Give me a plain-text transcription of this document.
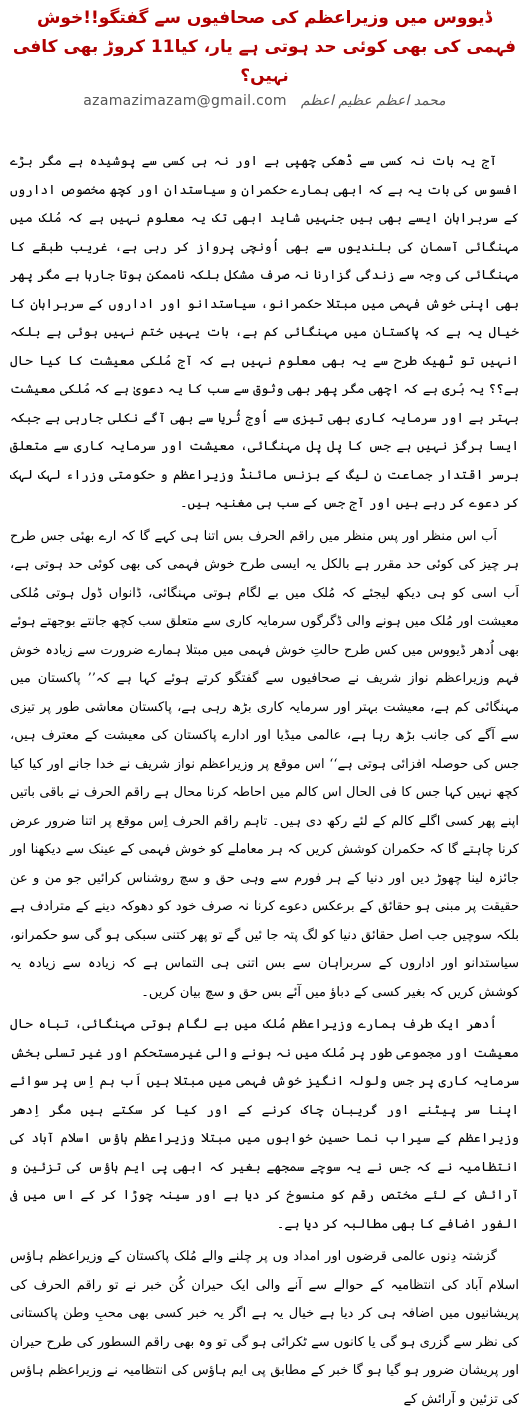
ڈیووس میں وزیراعظم کی صحافیوں سے گفتگو!!خوش فہمی کی بھی کوئی حد ہوتی ہے یار، کیا11 کروڑ بھی کافی نہیں؟
azamazimazam@gmail.com محمد اعظم عظیم اعظم

آج یہ بات نہ کسی سے ڈھکی چھپی ہے اور نہ ہی کسی سے پوشیدہ ہے مگر بڑے افسوس کی بات یہ ہے کہ ابھی ہمارے حکمران و سیاستدان اور کچھ مخصوص اداروں کے سربراہان ایسے بھی ہیں جنہیں شاید ابھی تک یہ معلوم نہیں ہے کہ مُلک میں مہنگائی آسمان کی بلندیوں سے بھی اُونچی پرواز کر رہی ہے، غریب طبقے کا مہنگائی کی وجہ سے زندگی گزارنا نہ صرف مشکل بلکہ ناممکن ہوتا جارہا ہے مگر پھر بھی اپنی خوش فہمی میں مبتلا حکمرانو، سیاستدانو اور اداروں کے سربراہان کا خیال یہ ہے کہ پاکستان میں مہنگائی کم ہے، بات یہیں ختم نہیں ہوئی ہے بلکہ انہیں تو ٹھیک طرح سے یہ بھی معلوم نہیں ہے کہ آج مُلکی معیشت کا کیا حال ہے؟؟ یہ بُری ہے کہ اچھی مگر پھر بھی وثوق سے سب کا یہ دعویٰ ہے کہ مُلکی معیشت بہتر ہے اور سرمایہ کاری بھی تیزی سے اُوج ثُریا سے بھی آگے نکلی جارہی ہے جبکہ ایسا ہرگز نہیں ہے جس کا پل پل مہنگائی، معیشت اور سرمایہ کاری سے متعلق برسر اقتدار جماعت ن لیگ کے بزنس مائنڈ وزیراعظم و حکومتی وزراء لہک لہک کر دعوے کر رہے ہیں اور آج جس کے سب ہی مغنیہ ہیں۔

اَب اس منظر اور پس منظر میں راقم الحرف بس اتنا ہی کہے گا کہ ارے بھئی جس طرح ہر چیز کی کوئی حد مقرر ہے بالکل یہ ایسی طرح خوش فہمی کی بھی کوئی حد ہوتی ہے، اَب اسی کو ہی دیکھ لیجئے کہ مُلک میں بے لگام ہوتی مہنگائی، ڈانواں ڈول ہوتی مُلکی معیشت اور مُلک میں ہونے والی ڈگرگوں سرمایہ کاری سے متعلق سب کچھ جانتے بوجھتے ہوئے بھی اُدھر ڈیووس میں کس طرح حالتِ خوش فہمی میں مبتلا ہمارے ضرورت سے زیادہ خوش فہم وزیراعظم نواز شریف نے صحافیوں سے گفتگو کرتے ہوئے کہا ہے کہ’’ پاکستان میں مہنگائی کم ہے، معیشت بہتر اور سرمایہ کاری بڑھ رہی ہے، پاکستان معاشی طور پر تیزی سے آگے کی جانب بڑھ رہا ہے، عالمی میڈیا اور ادارے پاکستان کی معیشت کے معترف ہیں، جس کی حوصلہ افزائی ہوتی ہے‘‘ اس موقع پر وزیراعظم نواز شریف نے خدا جانے اور کیا کیا کچھ نہیں کہا جس کا فی الحال اس کالم میں احاطہ کرنا محال ہے راقم الحرف نے باقی باتیں اپنے پھر کسی اگلے کالم کے لئے رکھ دی ہیں۔ تاہم راقم الحرف اِس موقع پر اتنا ضرور عرض کرنا چاہتے گا کہ حکمران کوشش کریں کہ ہر معاملے کو خوش فہمی کے عینک سے دیکھنا اور جائزہ لینا چھوڑ دیں اور دنیا کے ہر فورم سے وہی حق و سچ روشناس کرائیں جو من و عن حقیقت پر مبنی ہو حقائق کے برعکس دعوے کرنا نہ صرف خود کو دھوکہ دینے کے مترادف ہے بلکہ سوچیں جب اصل حقائق دنیا کو لگ پتہ جا ئیں گے تو پھر کتنی سبکی ہو گی سو حکمرانو، سیاستدانو اور اداروں کے سربراہان سے بس اتنی ہی التماس ہے کہ زیادہ سے زیادہ یہ کوشش کریں کہ بغیر کسی کے دباؤ میں آئے بس حق و سچ بیان کریں۔

اُدھر ایک طرف ہمارے وزیراعظم مُلک میں بے لگام ہوتی مہنگائی، تباہ حال معیشت اور مجموعی طور پر مُلک میں نہ ہونے والی غیرمستحکم اور غیر تسلی بخش سرمایہ کاری پر جس ولولہ انگیز خوش فہمی میں مبتلا ہیں اَب ہم اِس پر سوائے اپنا سر پیٹنے اور گریبان چاک کرنے کے اور کیا کر سکتے ہیں مگر اِدھر وزیراعظم کے سیراب نما حسین خوابوں میں مبتلا وزیراعظم ہاؤس اسلام آباد کی انتظامیہ نے کہ جس نے یہ سوچے سمجھے بغیر کہ ابھی پی ایم ہاؤس کی تزئین و آرائش کے لئے مختص رقم کو منسوخ کر دیا ہے اور سینہ چوڑا کر کے اس میں فی الفور اضافے کا بھی مطالبہ کر دیا ہے۔

گزشتہ دِنوں عالمی قرضوں اور امداد وں پر چلنے والے مُلک پاکستان کے وزیراعظم ہاؤس اسلام آباد کی انتظامیہ کے حوالے سے آنے والی ایک حیران کُن خبر نے تو راقم الحرف کی پریشانیوں میں اضافہ ہی کر دیا ہے خیال یہ ہے اگر یہ خبر کسی بھی محبِ وطن پاکستانی کی نظر سے گزری ہو گی یا کانوں سے ٹکرائی ہو گی تو وہ بھی راقم السطور کی طرح حیران اور پریشان ضرور ہو گیا ہو گا خبر کے مطابق پی ایم ہاؤس کی انتظامیہ نے وزیراعظم ہاؤس کی تزئین و آرائش کے
